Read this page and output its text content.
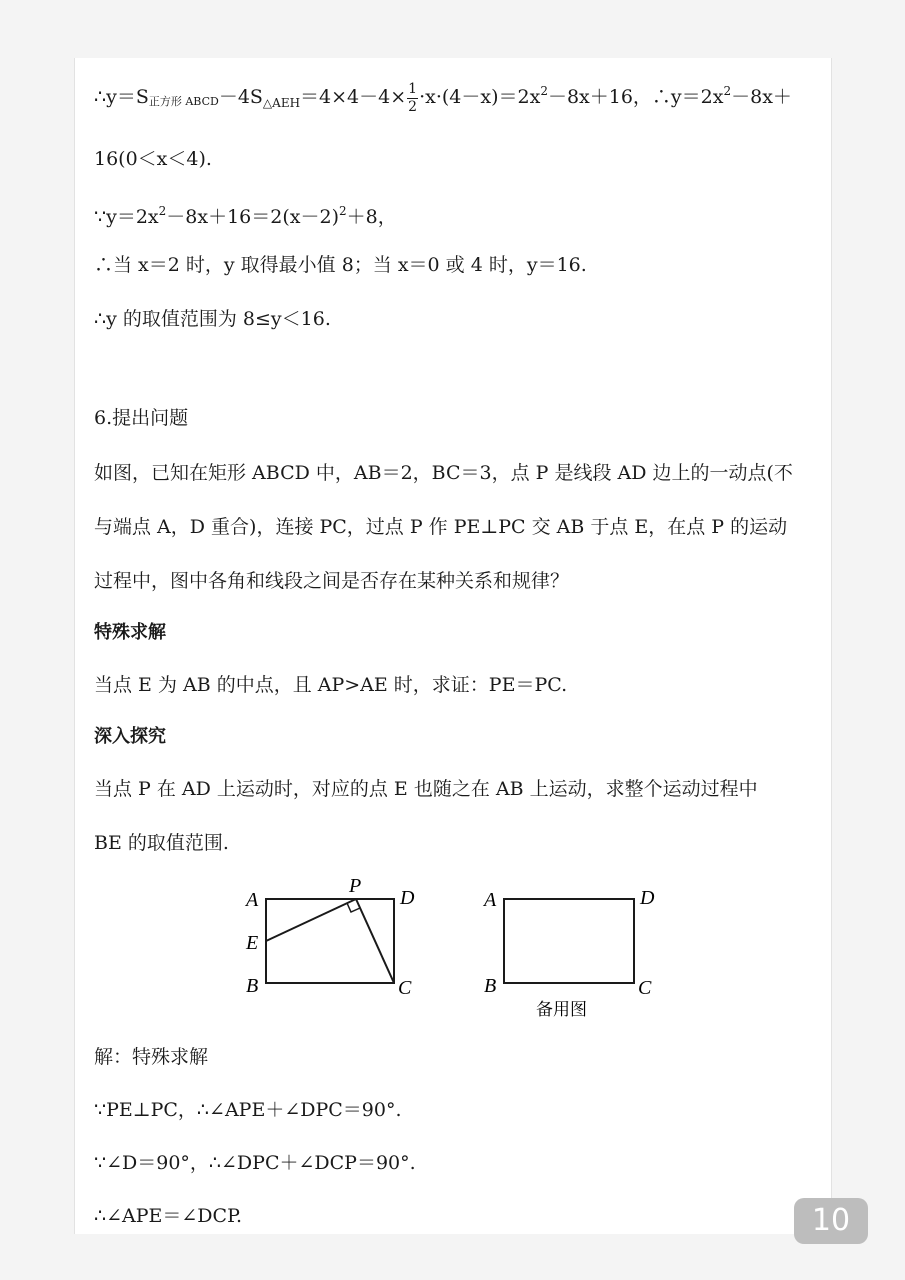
∴y＝S正方形 $ABCD-4S_{\triangle AEH}=4\times 4-4\times \frac{1}{2} \cdot x\cdot(4-x)=2x^2-8x+16$，$\therefore y=2x^2-8x+$
16(0＜x＜4).
$\because y=2x^2-8x+16=2(x-2)^2+8$，
∴当 x＝2 时，y 取得最小值 8；当 x＝0 或 4 时，y＝16.
∴y 的取值范围为 8≤y＜16.
6.提出问题
如图，已知在矩形 ABCD 中，AB＝2，BC＝3，点 P 是线段 AD 边上的一动点(不
与端点 A，D 重合)，连接 PC，过点 P 作 PE⊥PC 交 AB 于点 E，在点 P 的运动
过程中，图中各角和线段之间是否存在某种关系和规律？
特殊求解
当点 E 为 AB 的中点，且 AP>AE 时，求证：PE＝PC.
深入探究
当点 P 在 AD 上运动时，对应的点 E 也随之在 AB 上运动，求整个运动过程中
BE 的取值范围.
A
P
D
E
B	C
A	D
B	C
备用图
解：特殊求解
∵PE⊥PC，∴∠APE＋∠DPC＝90°.
∵∠D＝90°，∴∠DPC＋∠DCP＝90°.
∴∠APE＝∠DCP.	10
